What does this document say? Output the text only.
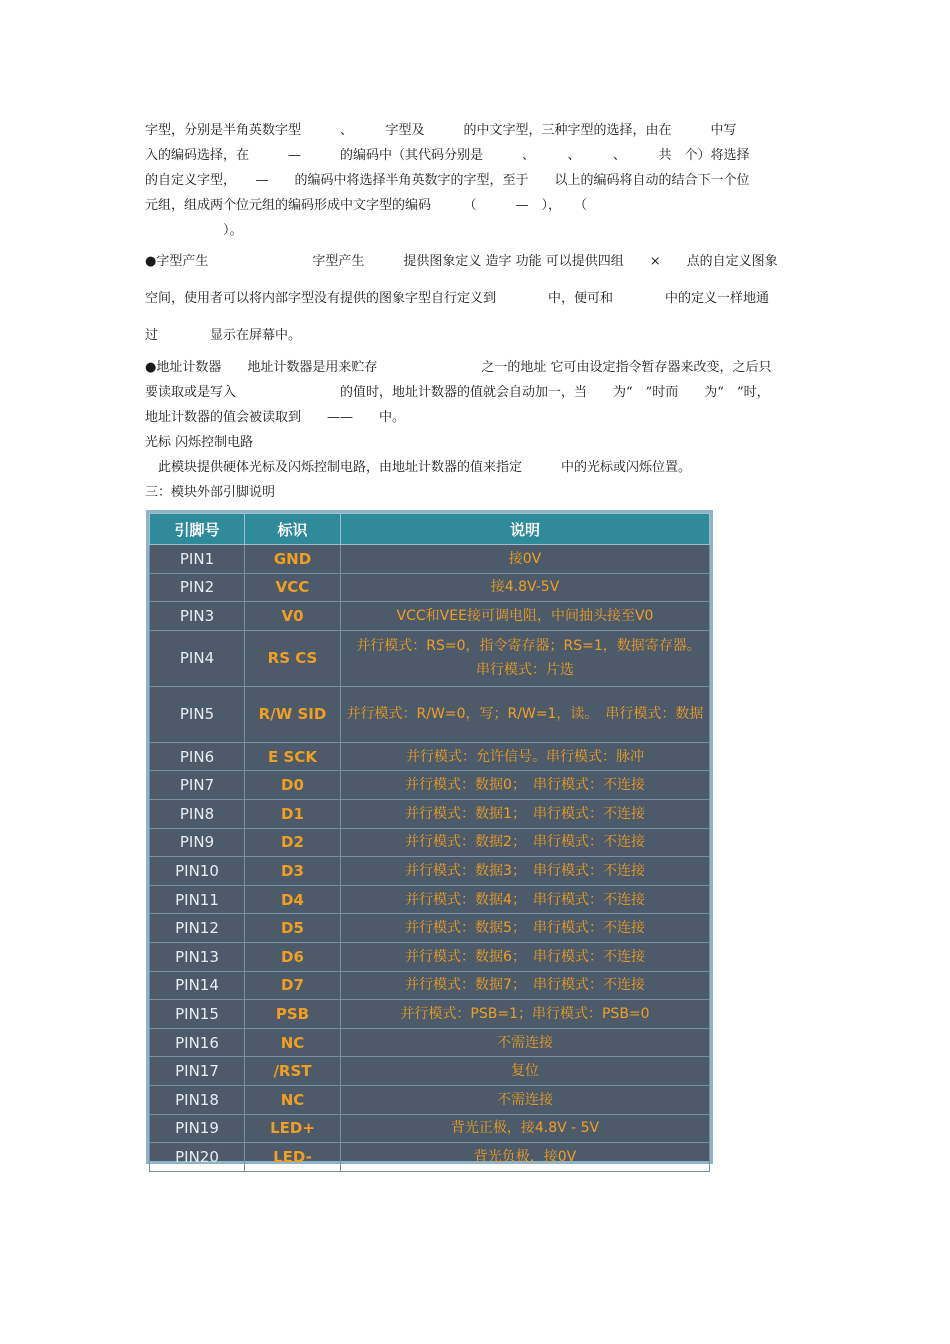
字型，分别是半角英数字型　　　、　　　字型及　　　的中文字型，三种字型的选择，由在　　　中写
入的编码选择，在　　　—　　　的编码中（其代码分别是　　　、　　　、　　　、　　　共　个）将选择
的自定义字型，　　—　　的编码中将选择半角英数字的字型，至于　　以上的编码将自动的结合下一个位
元组，组成两个位元组的编码形成中文字型的编码　　　（　　　—　），　　（
　　　　　　）。
●字型产生　　　　　　　　字型产生　　　提供图象定义 造字 功能 可以提供四组　　×　　点的自定义图象
空间，使用者可以将内部字型没有提供的图象字型自行定义到　　　　中，便可和　　　　中的定义一样地通
过　　　　显示在屏幕中。
●地址计数器　　地址计数器是用来贮存　　　　　　　　之一的地址 它可由设定指令暂存器来改变，之后只
要读取或是写入　　　　　　　　的值时，地址计数器的值就会自动加一，当　　为“　”时而　　为“　”时，
地址计数器的值会被读取到　　——　　中。
光标 闪烁控制电路
　此模块提供硬体光标及闪烁控制电路，由地址计数器的值来指定　　　中的光标或闪烁位置。
三：模块外部引脚说明
引脚号	标识	说明
PIN1	GND	接0V
PIN2	VCC	接4.8V-5V
PIN3	V0	VCC和VEE接可调电阻，中间抽头接至V0
PIN4	RS CS	并行模式：RS=0，指令寄存器；RS=1，数据寄存器。　串行模式：片选
PIN5	R/W SID	并行模式：R/W=0，写；R/W=1，读。　串行模式：数据
PIN6	E SCK	并行模式：允许信号。串行模式：脉冲
PIN7	D0	并行模式：数据0；　串行模式：不连接
PIN8	D1	并行模式：数据1；　串行模式：不连接
PIN9	D2	并行模式：数据2；　串行模式：不连接
PIN10	D3	并行模式：数据3；　串行模式：不连接
PIN11	D4	并行模式：数据4；　串行模式：不连接
PIN12	D5	并行模式：数据5；　串行模式：不连接
PIN13	D6	并行模式：数据6；　串行模式：不连接
PIN14	D7	并行模式：数据7；　串行模式：不连接
PIN15	PSB	并行模式：PSB=1；串行模式：PSB=0
PIN16	NC	不需连接
PIN17	/RST	复位
PIN18	NC	不需连接
PIN19	LED+	背光正极，接4.8V - 5V
PIN20	LED-	背光负极，接0V
